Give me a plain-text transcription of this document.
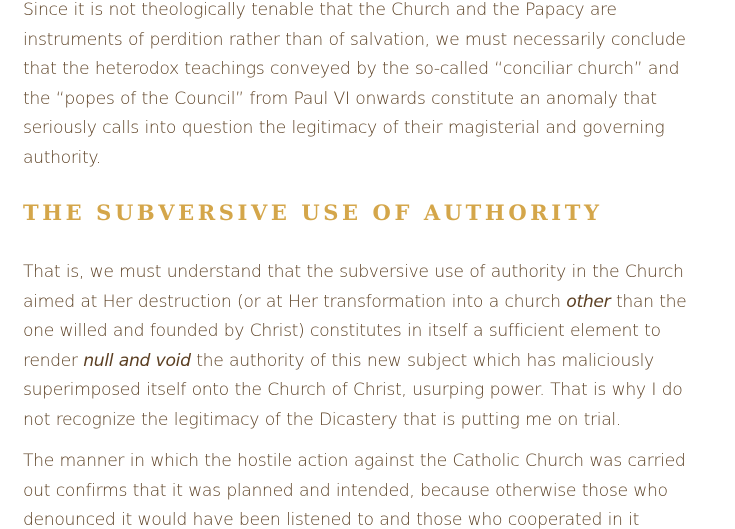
Since it is not theologically tenable that the Church and the Papacy are
instruments of perdition rather than of salvation, we must necessarily conclude
that the heterodox teachings conveyed by the so-called “conciliar church” and
the “popes of the Council” from Paul VI onwards constitute an anomaly that
seriously calls into question the legitimacy of their magisterial and governing
authority.

THE SUBVERSIVE USE OF AUTHORITY

That is, we must understand that the subversive use of authority in the Church
aimed at Her destruction (or at Her transformation into a church other than the
one willed and founded by Christ) constitutes in itself a sufficient element to
render null and void the authority of this new subject which has maliciously
superimposed itself onto the Church of Christ, usurping power. That is why I do
not recognize the legitimacy of the Dicastery that is putting me on trial.

The manner in which the hostile action against the Catholic Church was carried
out confirms that it was planned and intended, because otherwise those who
denounced it would have been listened to and those who cooperated in it
